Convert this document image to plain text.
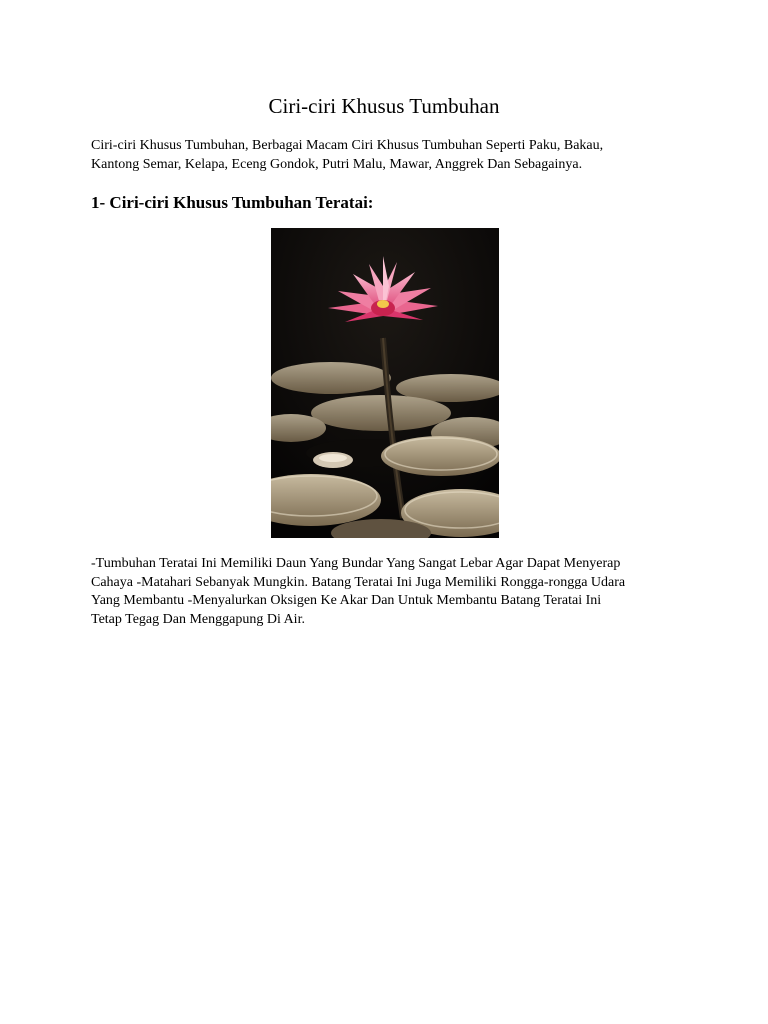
Ciri-ciri Khusus Tumbuhan

Ciri-ciri Khusus Tumbuhan, Berbagai Macam Ciri Khusus Tumbuhan Seperti Paku, Bakau,
Kantong Semar, Kelapa, Eceng Gondok, Putri Malu, Mawar, Anggrek Dan Sebagainya.

1- Ciri-ciri Khusus Tumbuhan Teratai:

-Tumbuhan Teratai Ini Memiliki Daun Yang Bundar Yang Sangat Lebar Agar Dapat Menyerap
Cahaya -Matahari Sebanyak Mungkin. Batang Teratai Ini Juga Memiliki Rongga-rongga Udara
Yang Membantu -Menyalurkan Oksigen Ke Akar Dan Untuk Membantu Batang Teratai Ini
Tetap Tegag Dan Menggapung Di Air.
